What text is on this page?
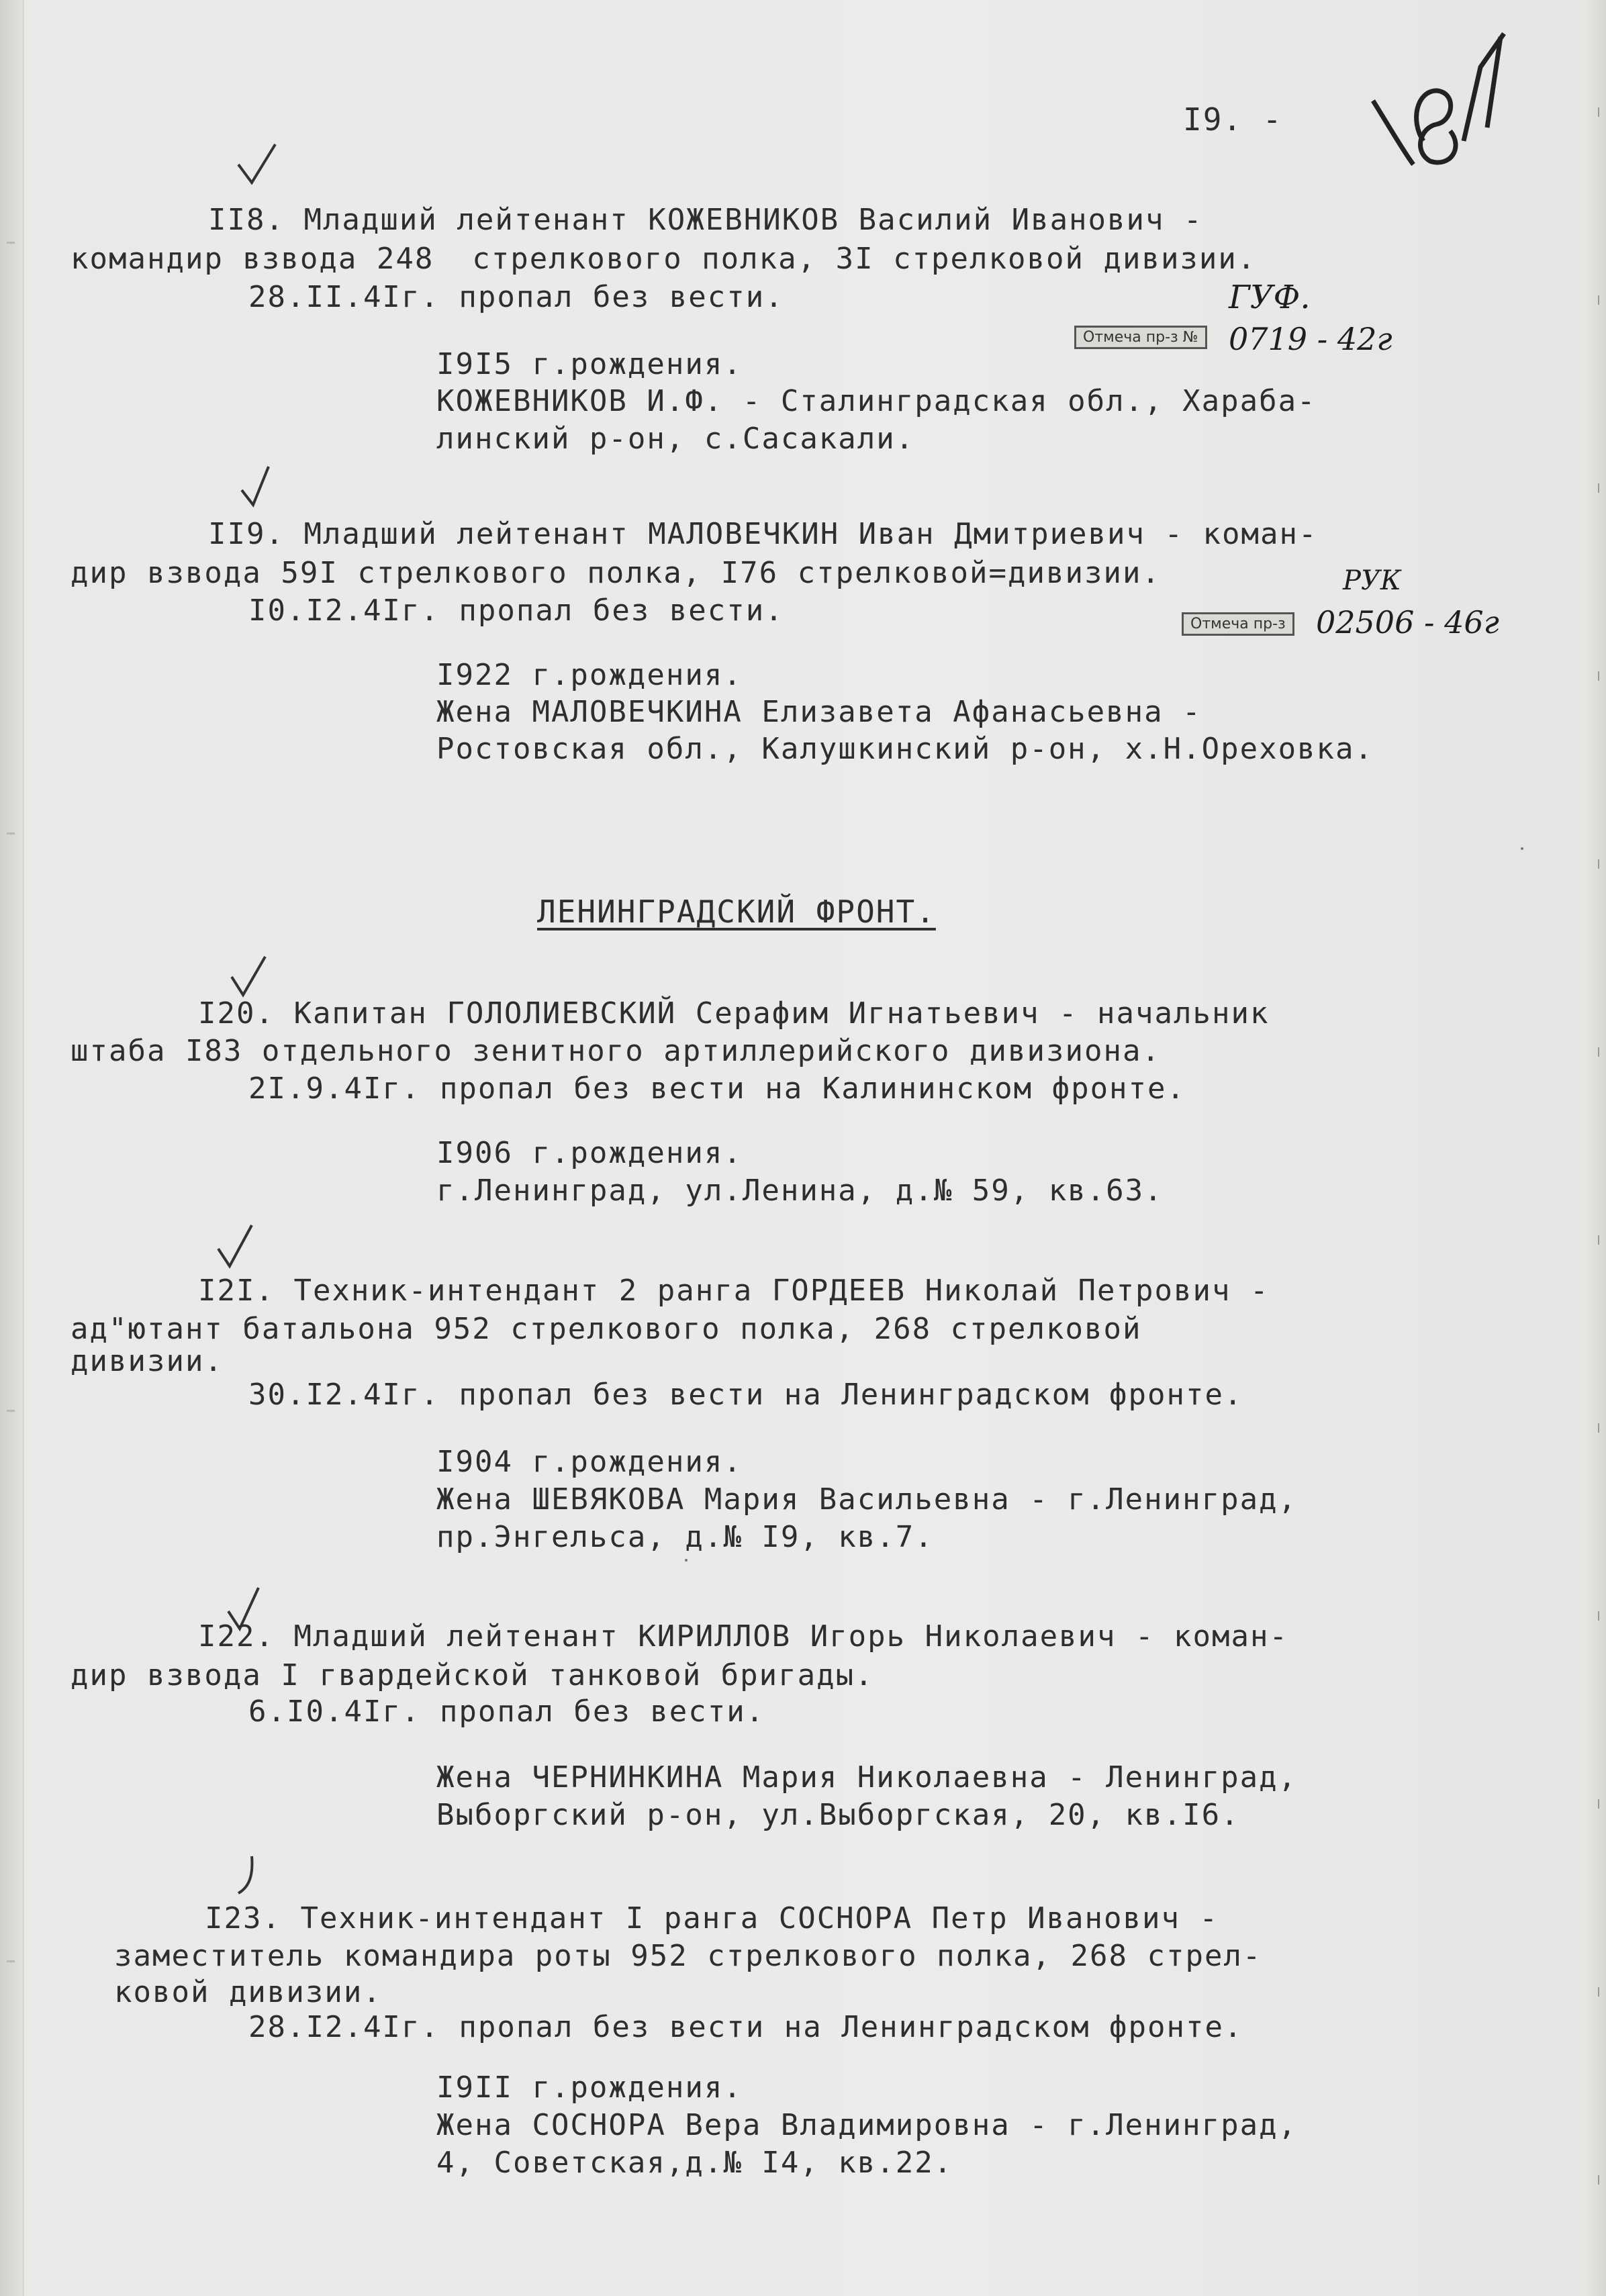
I9. -
II8. Младший лейтенант КОЖЕВНИКОВ Василий Иванович -
командир взвода 248  стрелкового полка, 3I стрелковой дивизии.
28.II.4Iг. пропал без вести.	ГУФ.
Отмеча пр-з № 0719 - 42г
I9I5 г.рождения.
КОЖЕВНИКОВ И.Ф. - Сталинградская обл., Харабa-
линский р-он, с.Сасакали.
II9. Младший лейтенант МАЛОВЕЧКИН Иван Дмитриевич - коман-
дир взвода 59I стрелкового полка, I76 стрелковой=дивизии.
I0.I2.4Iг. пропал без вести.
РУК
Отмеча пр-з 02506 - 46г
I922 г.рождения.
Жена МАЛОВЕЧКИНА Елизавета Афанасьевна -
Ростовская обл., Калушкинский р-он, х.Н.Ореховка.
ЛЕНИНГРАДСКИЙ ФРОНТ.
I20. Капитан ГОЛОЛИЕВСКИЙ Серафим Игнатьевич - начальник
штаба I83 отдельного зенитного артиллерийского дивизиона.
2I.9.4Iг. пропал без вести на Калининском фронте.
I906 г.рождения.
г.Ленинград, ул.Ленина, д.№ 59, кв.63.
I2I. Техник-интендант 2 ранга ГОРДЕЕВ Николай Петрович -
ад"ютант батальона 952 стрелкового полка, 268 стрелковой
дивизии.
30.I2.4Iг. пропал без вести на Ленинградском фронте.
I904 г.рождения.
Жена ШЕВЯКОВА Мария Васильевна - г.Ленинград,
пр.Энгельса, д.№ I9, кв.7.
I22. Младший лейтенант КИРИЛЛОВ Игорь Николаевич - коман-
дир взвода I гвардейской танковой бригады.
6.I0.4Iг. пропал без вести.
Жена ЧЕРНИНКИНА Мария Николаевна - Ленинград,
Выборгский р-он, ул.Выборгская, 20, кв.I6.
I23. Техник-интендант I ранга СОСНОРА Петр Иванович -
заместитель командира роты 952 стрелкового полка, 268 стрел-
ковой дивизии.
28.I2.4Iг. пропал без вести на Ленинградском фронте.
I9II г.рождения.
Жена СОСНОРА Вера Владимировна - г.Ленинград,
4, Советская,д.№ I4, кв.22.
